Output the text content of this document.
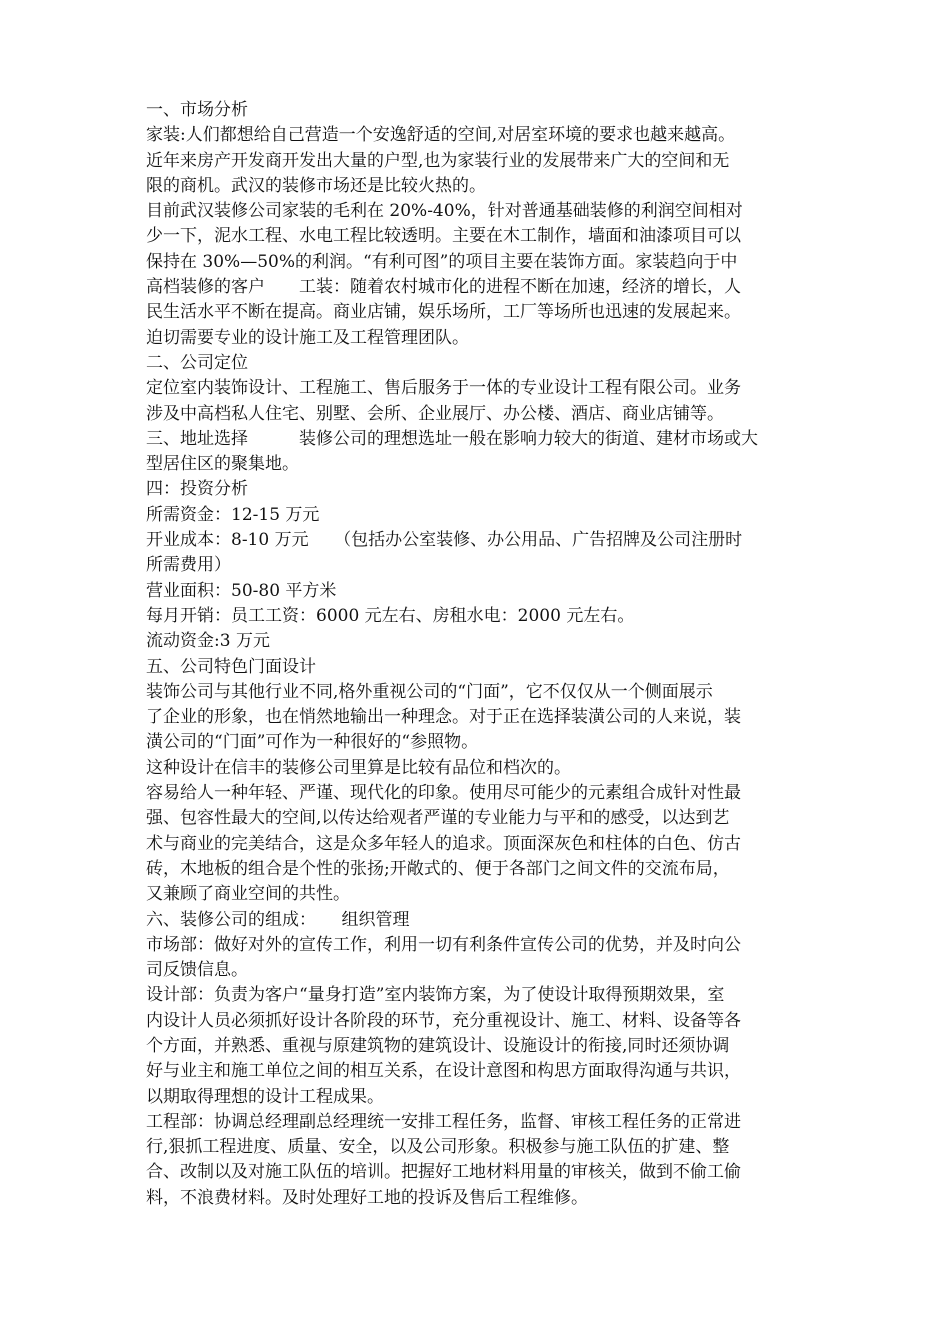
一、市场分析
家装:人们都想给自己营造一个安逸舒适的空间,对居室环境的要求也越来越高。
近年来房产开发商开发出大量的户型,也为家装行业的发展带来广大的空间和无
限的商机。武汉的装修市场还是比较火热的。
目前武汉装修公司家装的毛利在 20%-40%，针对普通基础装修的利润空间相对
少一下，泥水工程、水电工程比较透明。主要在木工制作，墙面和油漆项目可以
保持在 30%—50%的利润。“有利可图”的项目主要在装饰方面。家装趋向于中
高档装修的客户　　工装：随着农村城市化的进程不断在加速，经济的增长，人
民生活水平不断在提高。商业店铺，娱乐场所，工厂等场所也迅速的发展起来。
迫切需要专业的设计施工及工程管理团队。
二、公司定位
定位室内装饰设计、工程施工、售后服务于一体的专业设计工程有限公司。业务
涉及中高档私人住宅、别墅、会所、企业展厅、办公楼、酒店、商业店铺等。
三、地址选择　　　装修公司的理想选址一般在影响力较大的街道、建材市场或大
型居住区的聚集地。
四：投资分析
所需资金：12-15 万元
开业成本：8-10 万元　　（包括办公室装修、办公用品、广告招牌及公司注册时
所需费用）
营业面积：50-80 平方米
每月开销：员工工资：6000 元左右、房租水电：2000 元左右。
流动资金:3 万元
五、公司特色门面设计
装饰公司与其他行业不同,格外重视公司的“门面”，它不仅仅从一个侧面展示
了企业的形象，也在悄然地输出一种理念。对于正在选择装潢公司的人来说，装
潢公司的“门面”可作为一种很好的“参照物。
这种设计在信丰的装修公司里算是比较有品位和档次的。
容易给人一种年轻、严谨、现代化的印象。使用尽可能少的元素组合成针对性最
强、包容性最大的空间,以传达给观者严谨的专业能力与平和的感受，以达到艺
术与商业的完美结合，这是众多年轻人的追求。顶面深灰色和柱体的白色、仿古
砖，木地板的组合是个性的张扬;开敞式的、便于各部门之间文件的交流布局，
又兼顾了商业空间的共性。
六、装修公司的组成：　　组织管理
市场部：做好对外的宣传工作，利用一切有利条件宣传公司的优势，并及时向公
司反馈信息。
设计部：负责为客户“量身打造”室内装饰方案，为了使设计取得预期效果，室
内设计人员必须抓好设计各阶段的环节，充分重视设计、施工、材料、设备等各
个方面，并熟悉、重视与原建筑物的建筑设计、设施设计的衔接,同时还须协调
好与业主和施工单位之间的相互关系，在设计意图和构思方面取得沟通与共识，
以期取得理想的设计工程成果。
工程部：协调总经理副总经理统一安排工程任务，监督、审核工程任务的正常进
行,狠抓工程进度、质量、安全，以及公司形象。积极参与施工队伍的扩建、整
合、改制以及对施工队伍的培训。把握好工地材料用量的审核关，做到不偷工偷
料，不浪费材料。及时处理好工地的投诉及售后工程维修。
